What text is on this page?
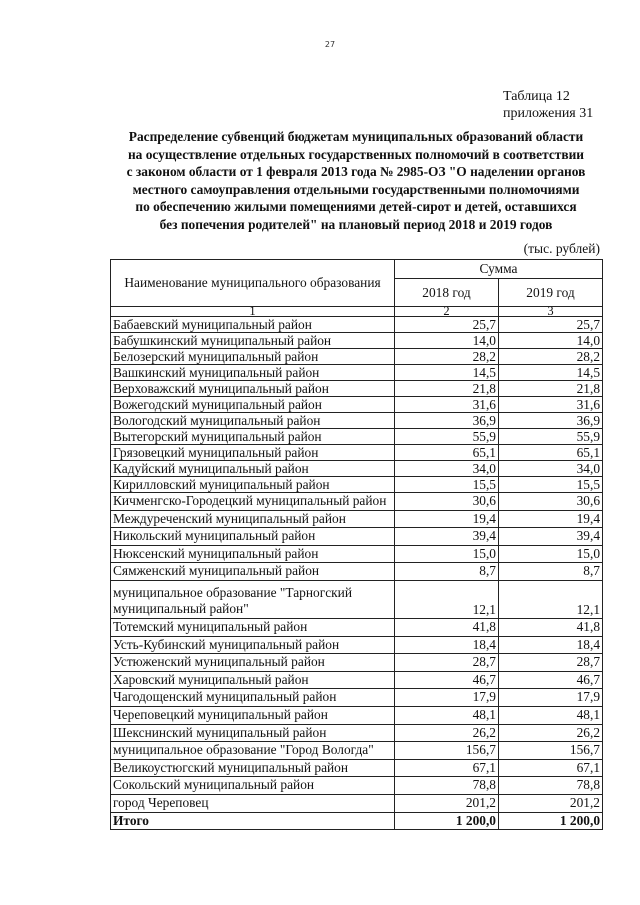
27
Таблица 12
приложения 31
Распределение субвенций бюджетам муниципальных образований области
на осуществление отдельных государственных полномочий в соответствии
с законом области от 1 февраля 2013 года № 2985-ОЗ "О наделении органов
местного самоуправления отдельными государственными полномочиями
по обеспечению жилыми помещениями детей-сирот и детей, оставшихся
без попечения родителей" на плановый период 2018 и 2019 годов
(тыс. рублей)
Наименование муниципального образования	Сумма	
	2018 год	2019 год
1	2	3
Бабаевский муниципальный район	25,7	25,7
Бабушкинский муниципальный район	14,0	14,0
Белозерский муниципальный район	28,2	28,2
Вашкинский муниципальный район	14,5	14,5
Верховажский муниципальный район	21,8	21,8
Вожегодский муниципальный район	31,6	31,6
Вологодский муниципальный район	36,9	36,9
Вытегорский муниципальный район	55,9	55,9
Грязовецкий муниципальный район	65,1	65,1
Кадуйский муниципальный район	34,0	34,0
Кирилловский муниципальный район	15,5	15,5
Кичменгско-Городецкий муниципальный район	30,6	30,6
Междуреченский муниципальный район	19,4	19,4
Никольский муниципальный район	39,4	39,4
Нюксенский муниципальный район	15,0	15,0
Сямженский муниципальный район	8,7	8,7
муниципальное образование "Тарногский муниципальный район"	12,1	12,1
Тотемский муниципальный район	41,8	41,8
Усть-Кубинский муниципальный район	18,4	18,4
Устюженский муниципальный район	28,7	28,7
Харовский муниципальный район	46,7	46,7
Чагодощенский муниципальный район	17,9	17,9
Череповецкий муниципальный район	48,1	48,1
Шекснинский муниципальный район	26,2	26,2
муниципальное образование "Город Вологда"	156,7	156,7
Великоустюгский муниципальный район	67,1	67,1
Сокольский муниципальный район	78,8	78,8
город Череповец	201,2	201,2
Итого	1 200,0	1 200,0
